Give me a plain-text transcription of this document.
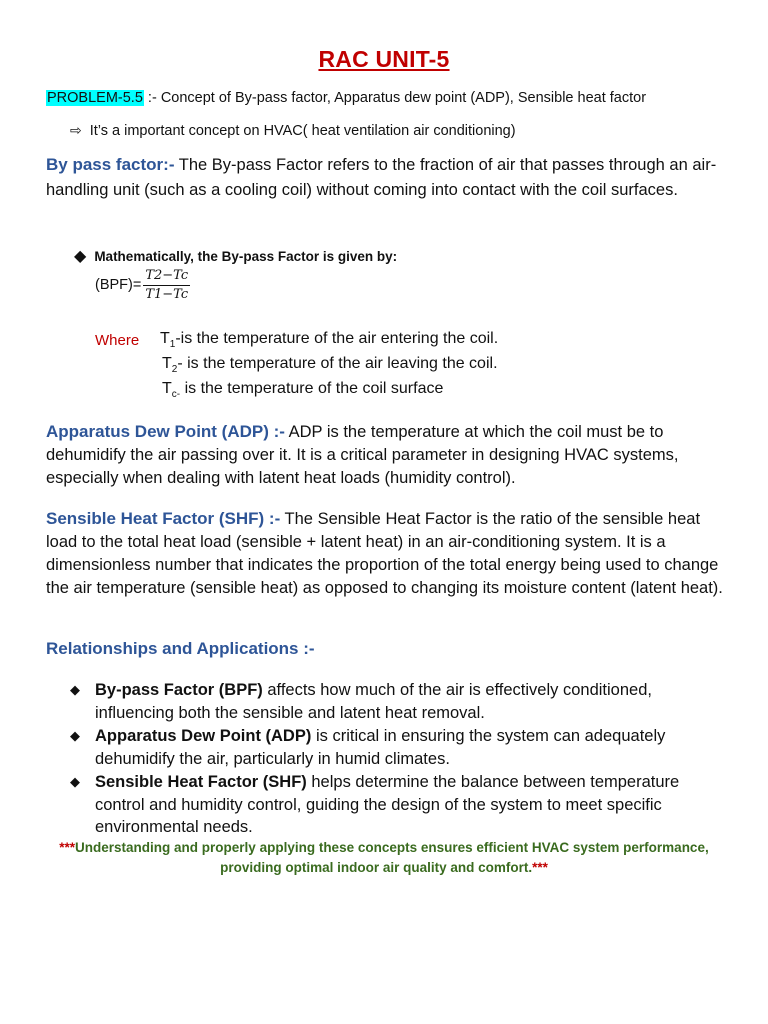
RAC UNIT-5
PROBLEM-5.5 :- Concept of By-pass factor, Apparatus dew point (ADP), Sensible heat factor
⇨ It’s a important concept on HVAC( heat ventilation air conditioning)
By pass factor:- The By-pass Factor refers to the fraction of air that passes through an air-handling unit (such as a cooling coil) without coming into contact with the coil surfaces.
◆ Mathematically, the By-pass Factor is given by:
$(BPF)= \frac{T2-Tc}{T1-Tc}$
Where $T_1-is$ the temperature of the air entering the coil.
$T_2-$ is the temperature of the air leaving the coil.
$T_{c-}$ is the temperature of the coil surface
Apparatus Dew Point (ADP) :- ADP is the temperature at which the coil must be to dehumidify the air passing over it. It is a critical parameter in designing HVAC systems, especially when dealing with latent heat loads (humidity control).
Sensible Heat Factor (SHF) :- The Sensible Heat Factor is the ratio of the sensible heat load to the total heat load (sensible + latent heat) in an air-conditioning system. It is a dimensionless number that indicates the proportion of the total energy being used to change the air temperature (sensible heat) as opposed to changing its moisture content (latent heat).
Relationships and Applications :-
◆ By-pass Factor (BPF) affects how much of the air is effectively conditioned, influencing both the sensible and latent heat removal.
◆ Apparatus Dew Point (ADP) is critical in ensuring the system can adequately dehumidify the air, particularly in humid climates.
◆ Sensible Heat Factor (SHF) helps determine the balance between temperature control and humidity control, guiding the design of the system to meet specific environmental needs.
***Understanding and properly applying these concepts ensures efficient HVAC system performance, providing optimal indoor air quality and comfort.***
